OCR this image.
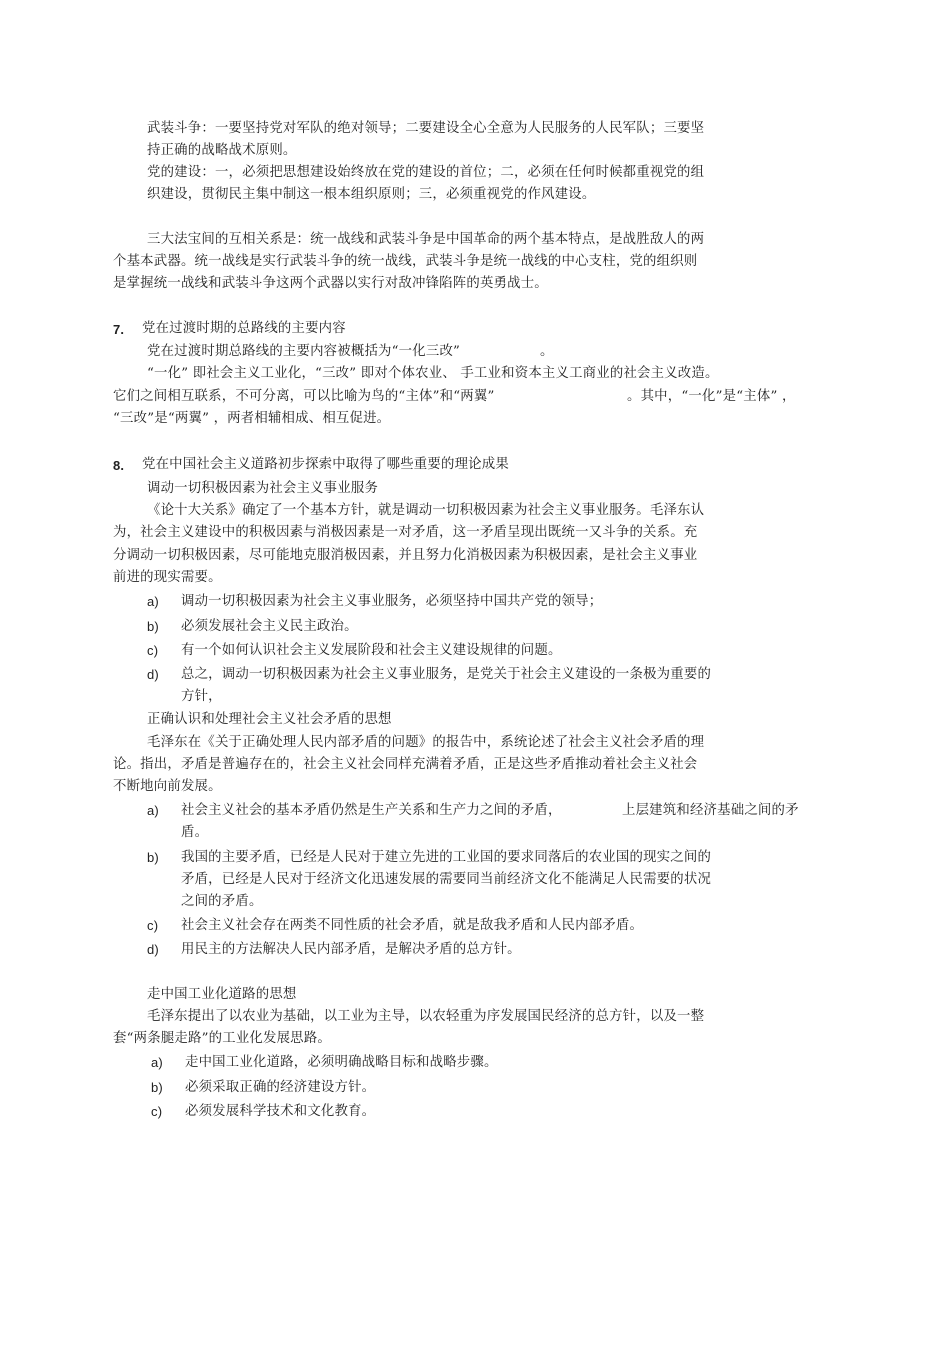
武装斗争：一要坚持党对军队的绝对领导；二要建设全心全意为人民服务的人民军队；三要坚
持正确的战略战术原则。
党的建设：一，必须把思想建设始终放在党的建设的首位；二，必须在任何时候都重视党的组
织建设，贯彻民主集中制这一根本组织原则；三，必须重视党的作风建设。
三大法宝间的互相关系是：统一战线和武装斗争是中国革命的两个基本特点，是战胜敌人的两
个基本武器。统一战线是实行武装斗争的统一战线，武装斗争是统一战线的中心支柱，党的组织则
是掌握统一战线和武装斗争这两个武器以实行对敌冲锋陷阵的英勇战士。
7. 党在过渡时期的总路线的主要内容
党在过渡时期总路线的主要内容被概括为“一化三改”	。
“一化” 即社会主义工业化，“三改” 即对个体农业、 手工业和资本主义工商业的社会主义改造。
它们之间相互联系，不可分离，可以比喻为鸟的“主体”和“两翼”	。其中，“一化”是“主体” ，
“三改”是“两翼” ，两者相辅相成、相互促进。
8. 党在中国社会主义道路初步探索中取得了哪些重要的理论成果
调动一切积极因素为社会主义事业服务
《论十大关系》确定了一个基本方针，就是调动一切积极因素为社会主义事业服务。毛泽东认
为，社会主义建设中的积极因素与消极因素是一对矛盾，这一矛盾呈现出既统一又斗争的关系。充
分调动一切积极因素，尽可能地克服消极因素，并且努力化消极因素为积极因素，是社会主义事业
前进的现实需要。
a) 调动一切积极因素为社会主义事业服务，必须坚持中国共产党的领导；
b) 必须发展社会主义民主政治。
c) 有一个如何认识社会主义发展阶段和社会主义建设规律的问题。
d) 总之，调动一切积极因素为社会主义事业服务，是党关于社会主义建设的一条极为重要的
方针，
正确认识和处理社会主义社会矛盾的思想
毛泽东在《关于正确处理人民内部矛盾的问题》的报告中，系统论述了社会主义社会矛盾的理
论。指出，矛盾是普遍存在的，社会主义社会同样充满着矛盾，正是这些矛盾推动着社会主义社会
不断地向前发展。
a) 社会主义社会的基本矛盾仍然是生产关系和生产力之间的矛盾，	上层建筑和经济基础之间的矛
盾。
b) 我国的主要矛盾，已经是人民对于建立先进的工业国的要求同落后的农业国的现实之间的
矛盾，已经是人民对于经济文化迅速发展的需要同当前经济文化不能满足人民需要的状况
之间的矛盾。
c) 社会主义社会存在两类不同性质的社会矛盾，就是敌我矛盾和人民内部矛盾。
d) 用民主的方法解决人民内部矛盾，是解决矛盾的总方针。
走中国工业化道路的思想
毛泽东提出了以农业为基础，以工业为主导，以农轻重为序发展国民经济的总方针，以及一整
套“两条腿走路”的工业化发展思路。
a) 走中国工业化道路，必须明确战略目标和战略步骤。
b) 必须采取正确的经济建设方针。
c) 必须发展科学技术和文化教育。
